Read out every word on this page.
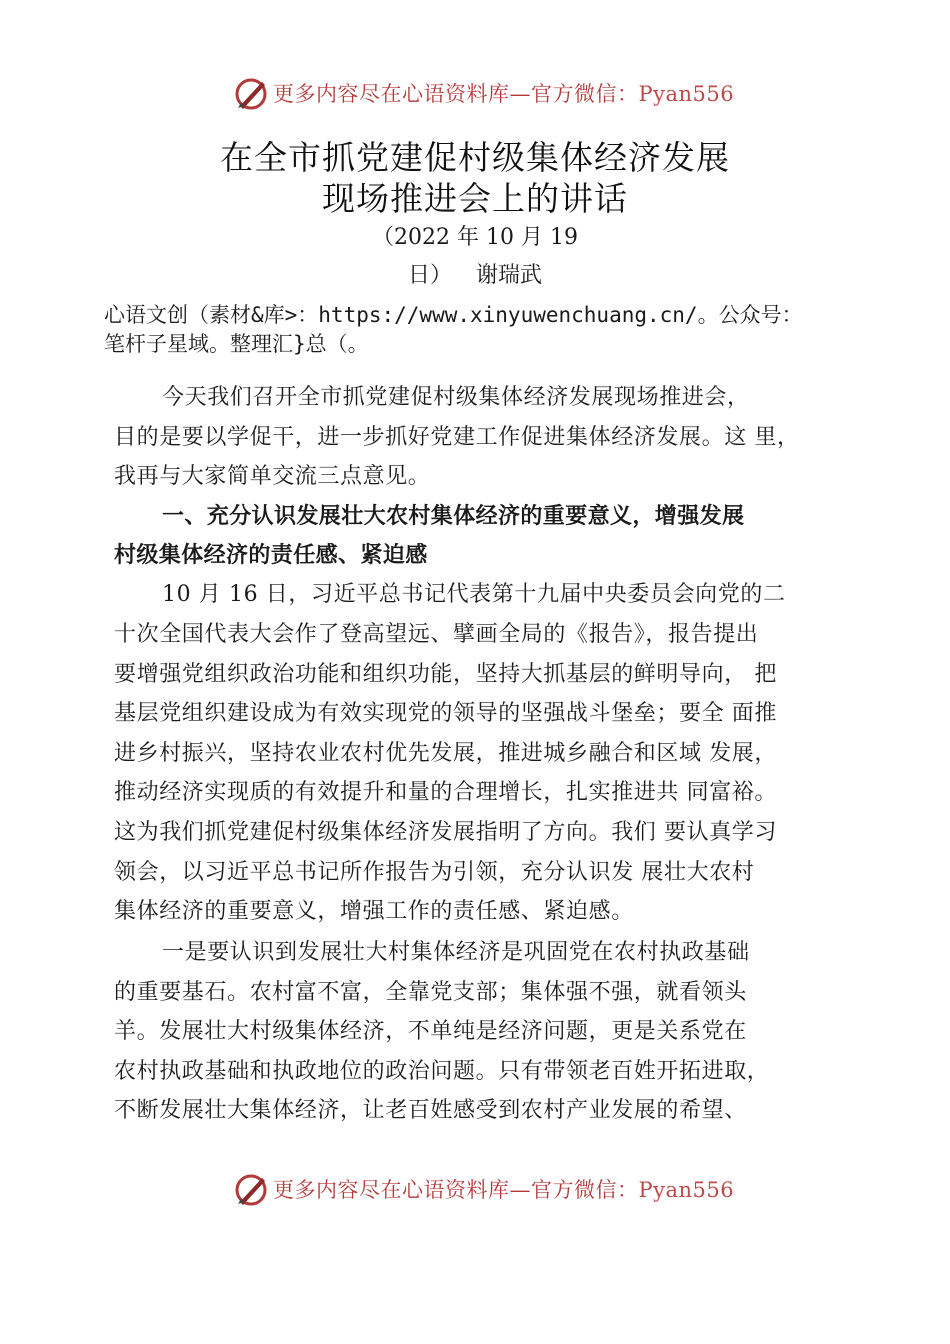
更多内容尽在心语资料库—官方微信：Pyan556
在全市抓党建促村级集体经济发展
现场推进会上的讲话
（2022 年 10 月 19
日） 谢瑞武
心语文创（素材&库>：https://www.xinyuwenchuang.cn/。公众号：
笔杆子星域。整理汇}总（。
今天我们召开全市抓党建促村级集体经济发展现场推进会，
目的是要以学促干，进一步抓好党建工作促进集体经济发展。这 里，
我再与大家简单交流三点意见。
一、充分认识发展壮大农村集体经济的重要意义，增强发展
村级集体经济的责任感、紧迫感
10 月 16 日，习近平总书记代表第十九届中央委员会向党的二
十次全国代表大会作了登高望远、擘画全局的《报告》，报告提出
要增强党组织政治功能和组织功能，坚持大抓基层的鲜明导向， 把
基层党组织建设成为有效实现党的领导的坚强战斗堡垒；要全 面推
进乡村振兴，坚持农业农村优先发展，推进城乡融合和区域 发展，
推动经济实现质的有效提升和量的合理增长，扎实推进共 同富裕。
这为我们抓党建促村级集体经济发展指明了方向。我们 要认真学习
领会，以习近平总书记所作报告为引领，充分认识发 展壮大农村
集体经济的重要意义，增强工作的责任感、紧迫感。
一是要认识到发展壮大村集体经济是巩固党在农村执政基础
的重要基石。农村富不富，全靠党支部；集体强不强，就看领头
羊。发展壮大村级集体经济，不单纯是经济问题，更是关系党在
农村执政基础和执政地位的政治问题。只有带领老百姓开拓进取，
不断发展壮大集体经济，让老百姓感受到农村产业发展的希望、
更多内容尽在心语资料库—官方微信：Pyan556
